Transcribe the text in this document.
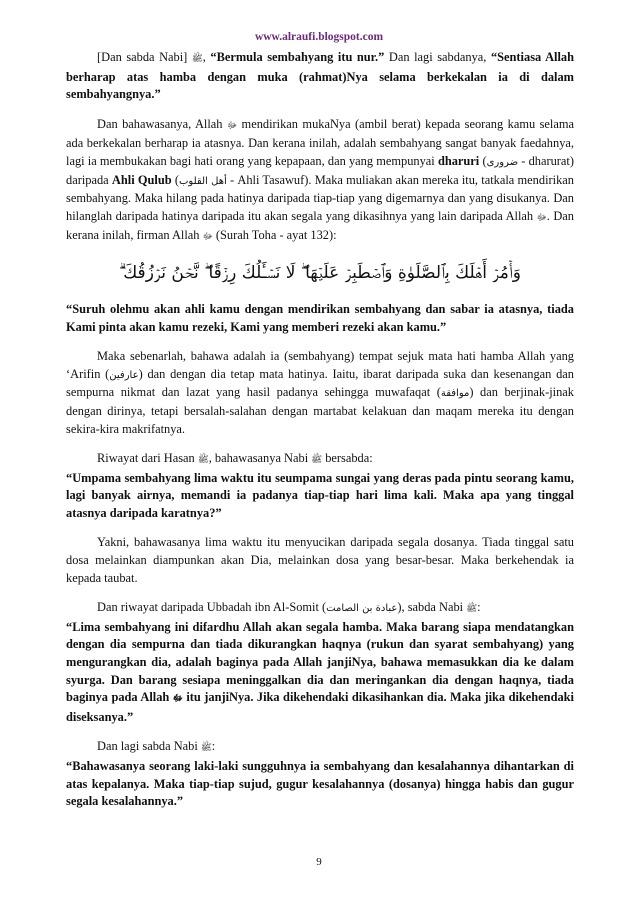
www.alraufi.blogspot.com

[Dan sabda Nabi] ﷺ, “Bermula sembahyang itu nur.” Dan lagi sabdanya, “Sentiasa Allah berharap atas hamba dengan muka (rahmat)Nya selama berkekalan ia di dalam sembahyangnya.”

Dan bahawasanya, Allah ﷻ mendirikan mukaNya (ambil berat) kepada seorang kamu selama ada berkekalan berharap ia atasnya. Dan kerana inilah, adalah sembahyang sangat banyak faedahnya, lagi ia membukakan bagi hati orang yang kepapaan, dan yang mempunyai dharuri (ضرورى - dharurat) daripada Ahli Qulub (أهل القلوب - Ahli Tasawuf). Maka muliakan akan mereka itu, tatkala mendirikan sembahyang. Maka hilang pada hatinya daripada tiap-tiap yang digemarnya dan yang disukanya. Dan hilanglah daripada hatinya daripada itu akan segala yang dikasihnya yang lain daripada Allah ﷻ. Dan kerana inilah, firman Allah ﷻ (Surah Toha - ayat 132):

وَأۡمُرۡ أَهۡلَكَ بِٱلصَّلَوٰةِ وَٱصۡطَبِرۡ عَلَيۡهَا ۖ لَا نَسۡـَٔلُكَ رِزۡقًا ۖ نَّحۡنُ نَرۡزُقُكَ ۗ

“Suruh olehmu akan ahli kamu dengan mendirikan sembahyang dan sabar ia atasnya, tiada Kami pinta akan kamu rezeki, Kami yang memberi rezeki akan kamu.”

Maka sebenarlah, bahawa adalah ia (sembahyang) tempat sejuk mata hati hamba Allah yang ‘Arifin (عارفين) dan dengan dia tetap mata hatinya. Iaitu, ibarat daripada suka dan kesenangan dan sempurna nikmat dan lazat yang hasil padanya sehingga muwafaqat (موافقة) dan berjinak-jinak dengan dirinya, tetapi bersalah-salahan dengan martabat kelakuan dan maqam mereka itu dengan sekira-kira makrifatnya.

Riwayat dari Hasan ﷺ, bahawasanya Nabi ﷺ bersabda:
“Umpama sembahyang lima waktu itu seumpama sungai yang deras pada pintu seorang kamu, lagi banyak airnya, memandi ia padanya tiap-tiap hari lima kali. Maka apa yang tinggal atasnya daripada karatnya?”

Yakni, bahawasanya lima waktu itu menyucikan daripada segala dosanya. Tiada tinggal satu dosa melainkan diampunkan akan Dia, melainkan dosa yang besar-besar. Maka berkehendak ia kepada taubat.

Dan riwayat daripada Ubbadah ibn Al-Somit (عبادة بن الصامت), sabda Nabi ﷺ:
“Lima sembahyang ini difardhu Allah akan segala hamba. Maka barang siapa mendatangkan dengan dia sempurna dan tiada dikurangkan haqnya (rukun dan syarat sembahyang) yang mengurangkan dia, adalah baginya pada Allah janjiNya, bahawa memasukkan dia ke dalam syurga. Dan barang sesiapa meninggalkan dia dan meringankan dia dengan haqnya, tiada baginya pada Allah ﷻ itu janjiNya. Jika dikehendaki dikasihankan dia. Maka jika dikehendaki diseksanya.”

Dan lagi sabda Nabi ﷺ:
“Bahawasanya seorang laki-laki sungguhnya ia sembahyang dan kesalahannya dihantarkan di atas kepalanya. Maka tiap-tiap sujud, gugur kesalahannya (dosanya) hingga habis dan gugur segala kesalahannya.”

9
